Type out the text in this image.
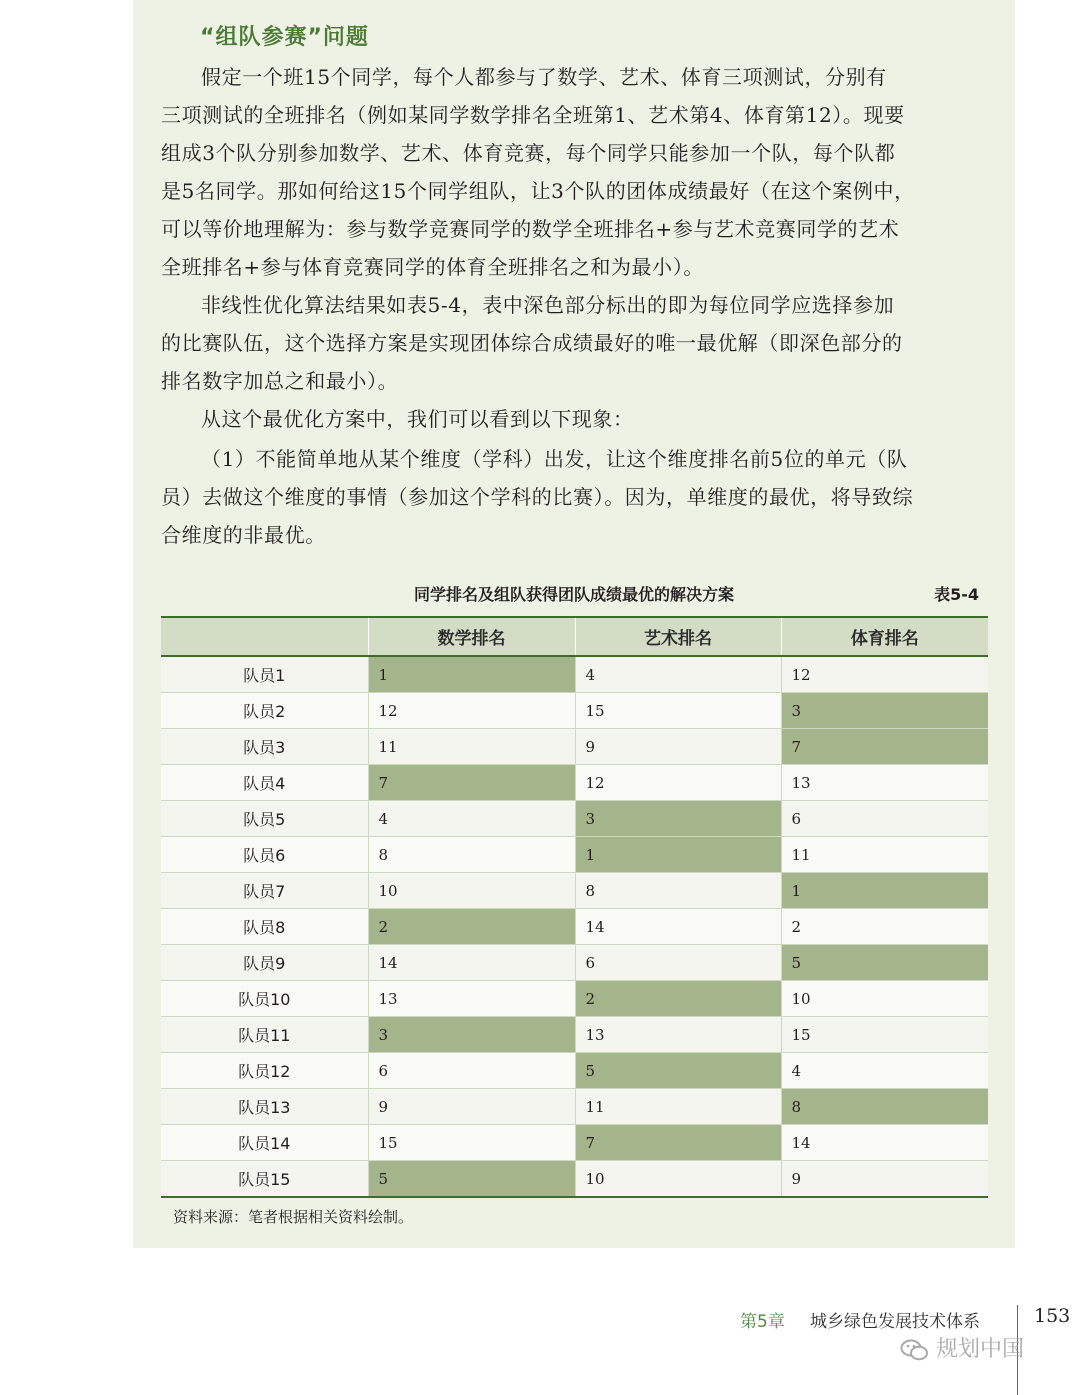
“组队参赛”问题
假定一个班15个同学，每个人都参与了数学、艺术、体育三项测试，分别有
三项测试的全班排名（例如某同学数学排名全班第1、艺术第4、体育第12）。现要
组成3个队分别参加数学、艺术、体育竞赛，每个同学只能参加一个队，每个队都
是5名同学。那如何给这15个同学组队，让3个队的团体成绩最好（在这个案例中，
可以等价地理解为：参与数学竞赛同学的数学全班排名+参与艺术竞赛同学的艺术
全班排名+参与体育竞赛同学的体育全班排名之和为最小）。
非线性优化算法结果如表5-4，表中深色部分标出的即为每位同学应选择参加
的比赛队伍，这个选择方案是实现团体综合成绩最好的唯一最优解（即深色部分的
排名数字加总之和最小）。
从这个最优化方案中，我们可以看到以下现象：
（1）不能简单地从某个维度（学科）出发，让这个维度排名前5位的单元（队
员）去做这个维度的事情（参加这个学科的比赛）。因为，单维度的最优，将导致综
合维度的非最优。
同学排名及组队获得团队成绩最优的解决方案	表5-4
	数学排名	艺术排名	体育排名
队员1	1	4	12
队员2	12	15	3
队员3	11	9	7
队员4	7	12	13
队员5	4	3	6
队员6	8	1	11
队员7	10	8	1
队员8	2	14	2
队员9	14	6	5
队员10	13	2	10
队员11	3	13	15
队员12	6	5	4
队员13	9	11	8
队员14	15	7	14
队员15	5	10	9
资料来源：笔者根据相关资料绘制。
第5章 城乡绿色发展技术体系	153
规划中国
